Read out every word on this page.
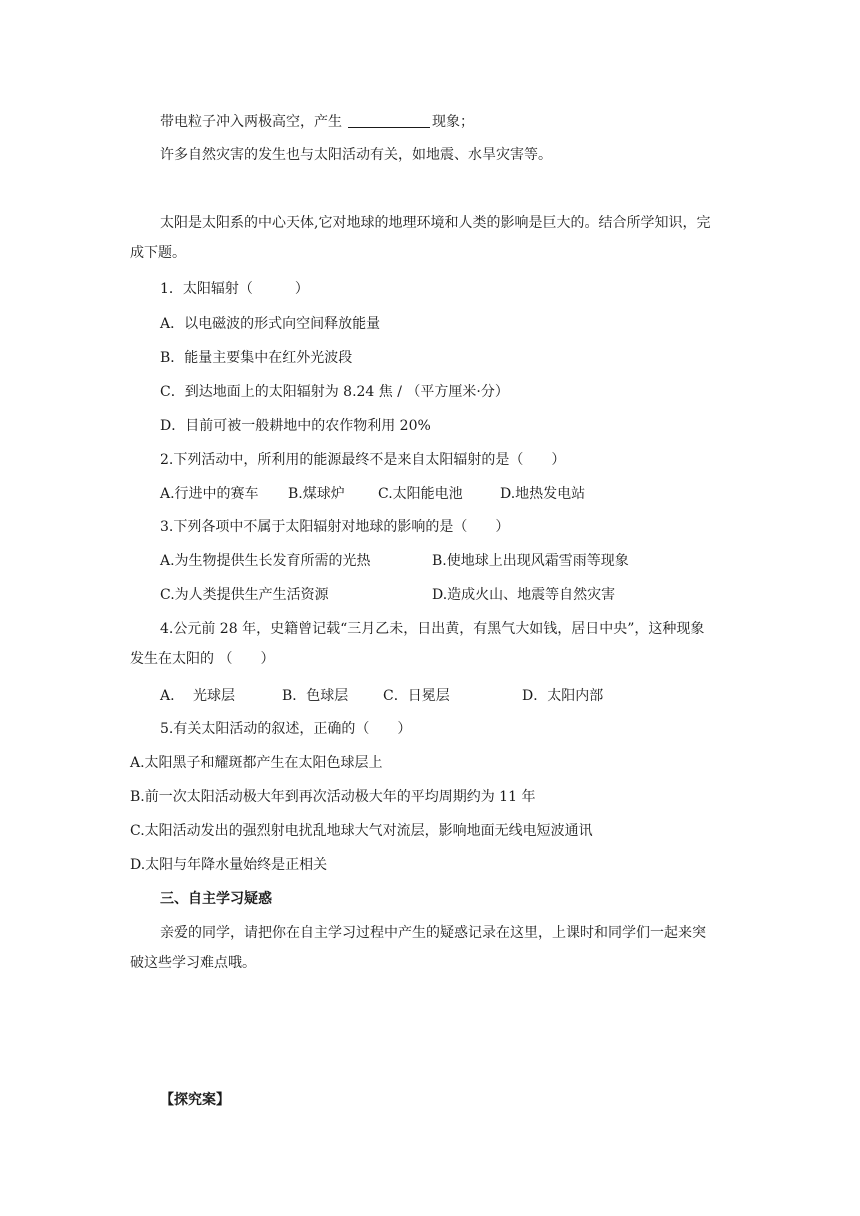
带电粒子冲入两极高空，产生	现象；
许多自然灾害的发生也与太阳活动有关，如地震、水旱灾害等。
太阳是太阳系的中心天体,它对地球的地理环境和人类的影响是巨大的。结合所学知识，完成下题。
1．太阳辐射（　　　）
A．以电磁波的形式向空间释放能量
B．能量主要集中在红外光波段
C．到达地面上的太阳辐射为 8.24 焦 / （平方厘米·分）
D．目前可被一般耕地中的农作物利用 20%
2.下列活动中，所利用的能源最终不是来自太阳辐射的是（　　）
A.行进中的赛车 B.煤球炉 C.太阳能电池	D.地热发电站
3.下列各项中不属于太阳辐射对地球的影响的是（　　）
A.为生物提供生长发育所需的光热	B.使地球上出现风霜雪雨等现象
C.为人类提供生产生活资源	D.造成火山、地震等自然灾害
4.公元前 28 年，史籍曾记载“三月乙未，日出黄，有黑气大如钱，居日中央”，这种现象发生在太阳的 （　　）
A.　 光球层	B．色球层 C．日冕层	D．太阳内部
5.有关太阳活动的叙述，正确的（　　）
A.太阳黑子和耀斑都产生在太阳色球层上
B.前一次太阳活动极大年到再次活动极大年的平均周期约为 11 年
C.太阳活动发出的强烈射电扰乱地球大气对流层，影响地面无线电短波通讯
D.太阳与年降水量始终是正相关
三、自主学习疑惑
亲爱的同学，请把你在自主学习过程中产生的疑惑记录在这里，上课时和同学们一起来突破这些学习难点哦。
【探究案】
